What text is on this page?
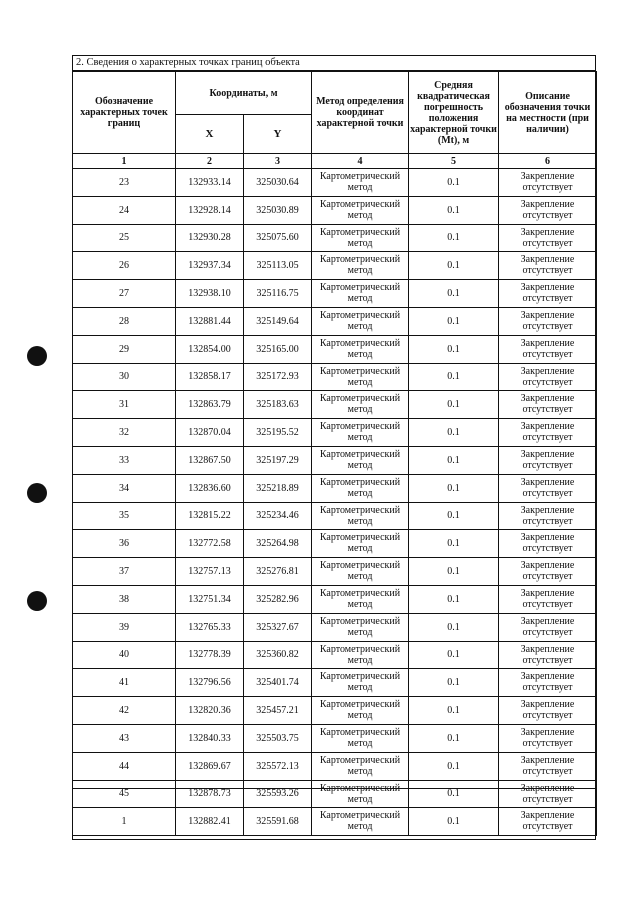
2. Сведения о характерных точках границ объекта
Обозначение характерных точек границ	Координаты, м		Метод определения координат характерной точки	Средняя квадратическая погрешность положения характерной точки (Mt), м	Описание обозначения точки на местности (при наличии)
	X	Y			
1	2	3	4	5	6
23	132933.14	325030.64	Картометрический метод	0.1	Закрепление отсутствует
24	132928.14	325030.89	Картометрический метод	0.1	Закрепление отсутствует
25	132930.28	325075.60	Картометрический метод	0.1	Закрепление отсутствует
26	132937.34	325113.05	Картометрический метод	0.1	Закрепление отсутствует
27	132938.10	325116.75	Картометрический метод	0.1	Закрепление отсутствует
28	132881.44	325149.64	Картометрический метод	0.1	Закрепление отсутствует
29	132854.00	325165.00	Картометрический метод	0.1	Закрепление отсутствует
30	132858.17	325172.93	Картометрический метод	0.1	Закрепление отсутствует
31	132863.79	325183.63	Картометрический метод	0.1	Закрепление отсутствует
32	132870.04	325195.52	Картометрический метод	0.1	Закрепление отсутствует
33	132867.50	325197.29	Картометрический метод	0.1	Закрепление отсутствует
34	132836.60	325218.89	Картометрический метод	0.1	Закрепление отсутствует
35	132815.22	325234.46	Картометрический метод	0.1	Закрепление отсутствует
36	132772.58	325264.98	Картометрический метод	0.1	Закрепление отсутствует
37	132757.13	325276.81	Картометрический метод	0.1	Закрепление отсутствует
38	132751.34	325282.96	Картометрический метод	0.1	Закрепление отсутствует
39	132765.33	325327.67	Картометрический метод	0.1	Закрепление отсутствует
40	132778.39	325360.82	Картометрический метод	0.1	Закрепление отсутствует
41	132796.56	325401.74	Картометрический метод	0.1	Закрепление отсутствует
42	132820.36	325457.21	Картометрический метод	0.1	Закрепление отсутствует
43	132840.33	325503.75	Картометрический метод	0.1	Закрепление отсутствует
44	132869.67	325572.13	Картометрический метод	0.1	Закрепление отсутствует
45	132878.73	325593.26	Картометрический метод	0.1	Закрепление отсутствует
1	132882.41	325591.68	Картометрический метод	0.1	Закрепление отсутствует
